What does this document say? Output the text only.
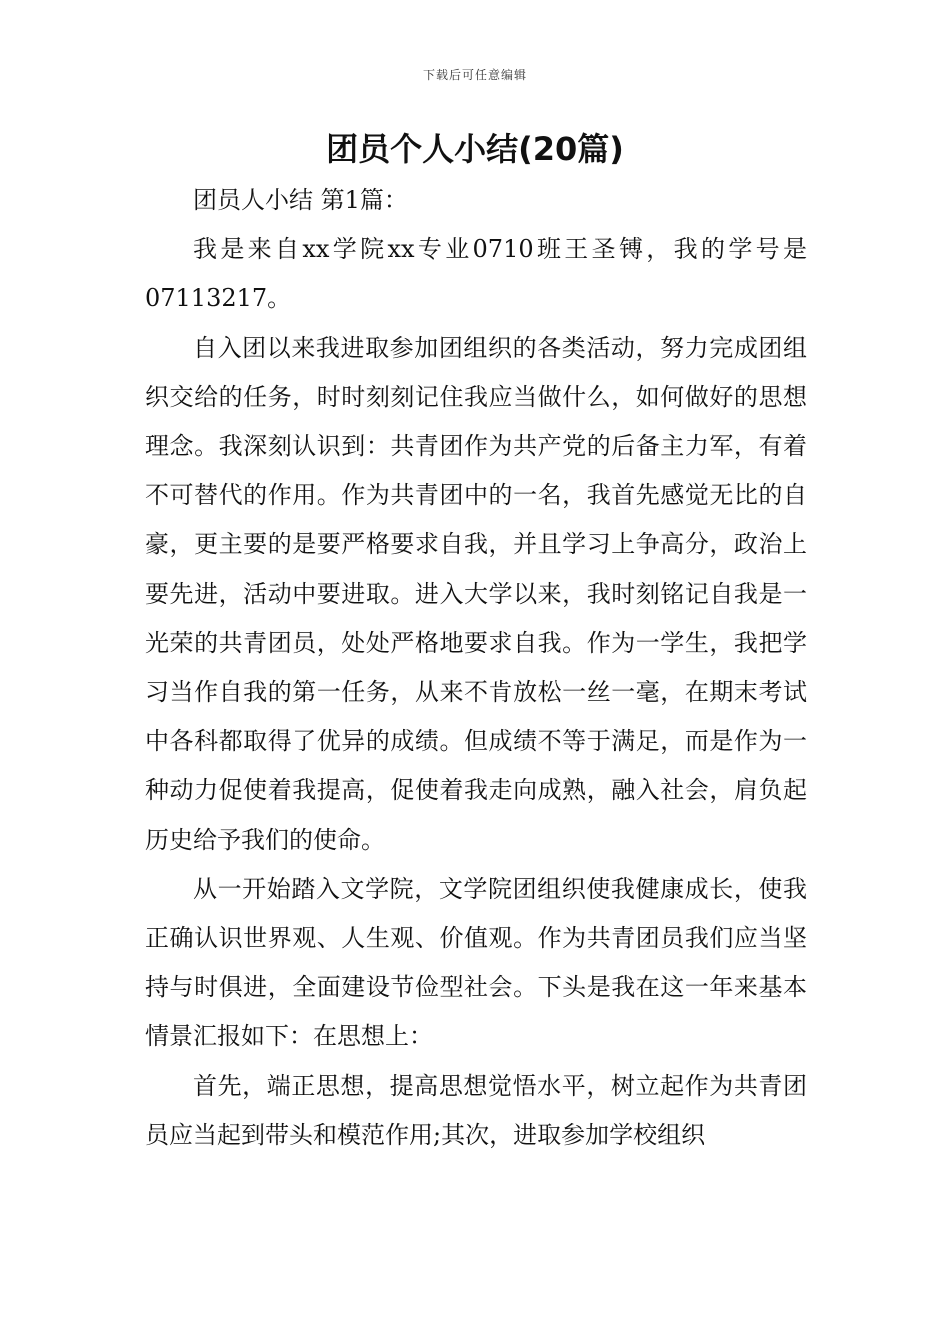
下载后可任意编辑
团员个人小结(20篇)

团员人小结 第1篇：

我是来自xx学院xx专业0710班王圣镈，我的学号是07113217。

自入团以来我进取参加团组织的各类活动，努力完成团组织交给的任务，时时刻刻记住我应当做什么，如何做好的思想理念。我深刻认识到：共青团作为共产党的后备主力军，有着不可替代的作用。作为共青团中的一名，我首先感觉无比的自豪，更主要的是要严格要求自我，并且学习上争高分，政治上要先进，活动中要进取。进入大学以来，我时刻铭记自我是一光荣的共青团员，处处严格地要求自我。作为一学生，我把学习当作自我的第一任务，从来不肯放松一丝一毫，在期末考试中各科都取得了优异的成绩。但成绩不等于满足，而是作为一种动力促使着我提高，促使着我走向成熟，融入社会，肩负起历史给予我们的使命。

从一开始踏入文学院，文学院团组织使我健康成长，使我正确认识世界观、人生观、价值观。作为共青团员我们应当坚持与时俱进，全面建设节俭型社会。下头是我在这一年来基本情景汇报如下：在思想上：

首先，端正思想，提高思想觉悟水平，树立起作为共青团员应当起到带头和模范作用;其次，进取参加学校组织
